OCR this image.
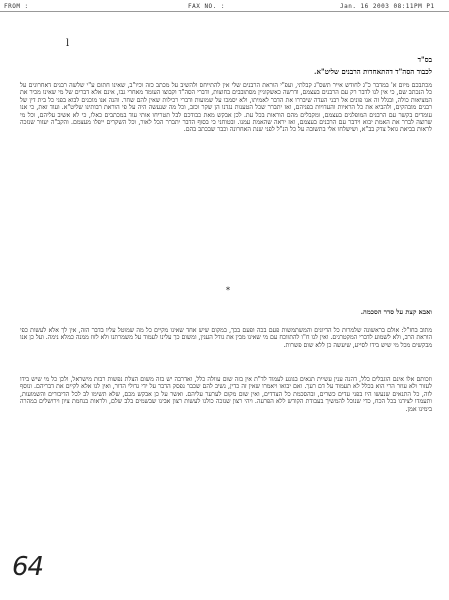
FROM :	FAX NO. :	Jan. 16 2003 08:11PM P1
l
בס"ד
לכבוד הסה"ד דהתאחדות הרבנים שליט"א.

מכתבכם מיום א' במדבר כ"ג לחודש אייר תשס"ג קבלתי, ועפ"י הוראת הרבנים שלי אין להתייחס ולהשיב על מכתב כזה וכיו"ב, שאינו חתום ע"י שלשה רבנים דאחרונים על כל הנכתב שם, כי אין לנו לדבר רק עם הרבנים בעצמם, ודרשה כאשקוניין מסתובבים בחוצות, ודברי הסה"ד וקבוצו העומד מאחרי גבו, אינם אלא דברים של מי שאינו מכיר את המציאות כולה, ובגלל זה אנו פונים אל רבני העדה שיבררו את הדבר לאמיתו, ולא יסמכו על שמועות ודברי רכילות שאין להם שחר. והנה אנו מוכנים לבוא בפני כל בית דין של רבנים מובהקים, ולהביא את כל הראיות והעדויות בפניהם, ואז יתברר שכל הטענות נגדנו הן שקר וכזב, וכל מה שנעשה היה על פי הוראת רבותינו שליט"א. ועוד זאת, כי אנו עומדים בקשר עם הרבנים המופלגים בעצמם, ומקבלים מהם הוראות בכל עת. לכן אבקש מאת כבודכם לבל תטריחו אותי עוד במכתבים כאלו, כי לא אשיב עליהם, וכל מי שרוצה לברר את האמת יבוא וידבר עם הרבנים בעצמם, ואז יראה שהאמת עמנו. ובטוחני כי בסוף הדבר יתברר הכל לאור, וכל השקרים ייפלו מעצמם. והקב"ה יעזור שנזכה לראות בביאת גואל צדק בב"א, ושישלחו אלי בתשובה על כל הנ"ל לפני שנת האחרונה וכבר שבכתב בהם.

*
ואבא קצת על סדר הסכמה.

מתוב בחז"ל: אולם בראשונה שלמרות כל הדיונים והמשתמשות פעם בכה ופעם בכך, במקום שיש אחד שאינו מקיים כל מה שמוטל עליו בדבר הזה, אין לך אלא לעשות כפי הוראת הרב, ולא לשמוע לדברי המקטרגים. ואין לנו ח"ו להתווכח עם מי שאינו מבין את גודל הענין, ומשום כך עלינו לעמוד על משמרתנו ולא לזוז ממנה כמלא נימה. ועל כן אנו מבקשים מכל מי שיש בידו לסייע, שיעשה כן ללא שום פשרות.

וזכותם אלו אינם הוגבלים כלל, דהנה ענין עשיית תנאים בגונע לעמוד לד"ת אין בזה שום עוולה כלל, ואדרבה יש בזה משום הצלת נפשות רבות מישראל, ולכן כל מי שיש בידו לעזור ולא עוזר הרי הוא בכלל לא תעמוד על דם רעך. ואם יבואו ויאמרו שאין זה כדין, נשיב להם שכבר נפסק הדבר על ידי גדולי הדור, ואין לנו אלא לקיים את דבריהם. ונוסף לזה, כל התנאים שנעשו היו בפני עדים כשרים, ובהסכמת כל הצדדים, ואין שום מקום לערער עליהם. ואשר על כן אבקש מכם, שלא תשימו לב לכל הדיבורים והשמועות, ותעמדו לצידנו בכל הכח, כדי שנוכל להמשיך בעבודת הקודש ללא הפרעה. ויהי רצון שנזכה כולנו לעשות רצון אבינו שבשמים בלב שלם, ולראות בנחמת ציון וירושלים במהרה בימינו אמן.

64
